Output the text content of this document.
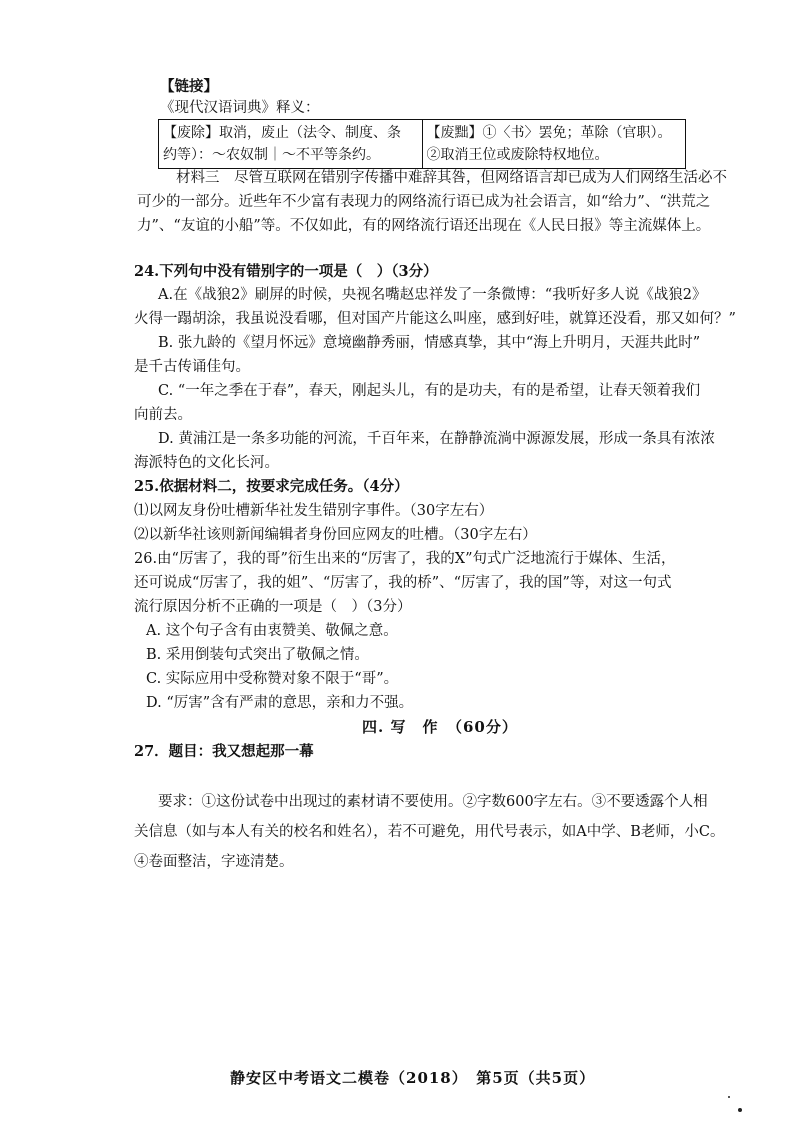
【链接】
《现代汉语词典》释义：
【废除】取消，废止（法令、制度、条
约等）：～农奴制｜～不平等条约。

【废黜】①〈书〉罢免；革除（官职）。
②取消王位或废除特权地位。
材料三　尽管互联网在错别字传播中难辞其咎，但网络语言却已成为人们网络生活必不
可少的一部分。近些年不少富有表现力的网络流行语已成为社会语言，如“给力”、“洪荒之
力”、“友谊的小船”等。不仅如此，有的网络流行语还出现在《人民日报》等主流媒体上。
24.下列句中没有错别字的一项是（　）（3分）
A.在《战狼2》刷屏的时候，央视名嘴赵忠祥发了一条微博：“我听好多人说《战狼2》
火得一蹋胡涂，我虽说没看哪，但对国产片能这么叫座，感到好哇，就算还没看，那又如何？”
B. 张九龄的《望月怀远》意境幽静秀丽，情感真挚，其中“海上升明月，天涯共此时”
是千古传诵佳句。
C. “一年之季在于春”，春天，刚起头儿，有的是功夫，有的是希望，让春天领着我们
向前去。
D. 黄浦江是一条多功能的河流，千百年来，在静静流淌中源源发展，形成一条具有浓浓
海派特色的文化长河。
25.依据材料二，按要求完成任务。（4分）
⑴以网友身份吐槽新华社发生错别字事件。（30字左右）
⑵以新华社该则新闻编辑者身份回应网友的吐槽。（30字左右）
26.由“厉害了，我的哥”衍生出来的“厉害了，我的X”句式广泛地流行于媒体、生活，
还可说成“厉害了，我的姐”、“厉害了，我的桥”、“厉害了，我的国”等，对这一句式
流行原因分析不正确的一项是（　）（3分）
A. 这个句子含有由衷赞美、敬佩之意。
B. 采用倒装句式突出了敬佩之情。
C. 实际应用中受称赞对象不限于“哥”。
D. “厉害”含有严肃的意思，亲和力不强。
四. 写　作　（60分）
27．题目：我又想起那一幕
要求：①这份试卷中出现过的素材请不要使用。②字数600字左右。③不要透露个人相
关信息（如与本人有关的校名和姓名），若不可避免，用代号表示，如A中学、B老师，小C。
④卷面整洁，字迹清楚。
静安区中考语文二模卷（2018）　第5页（共5页）
